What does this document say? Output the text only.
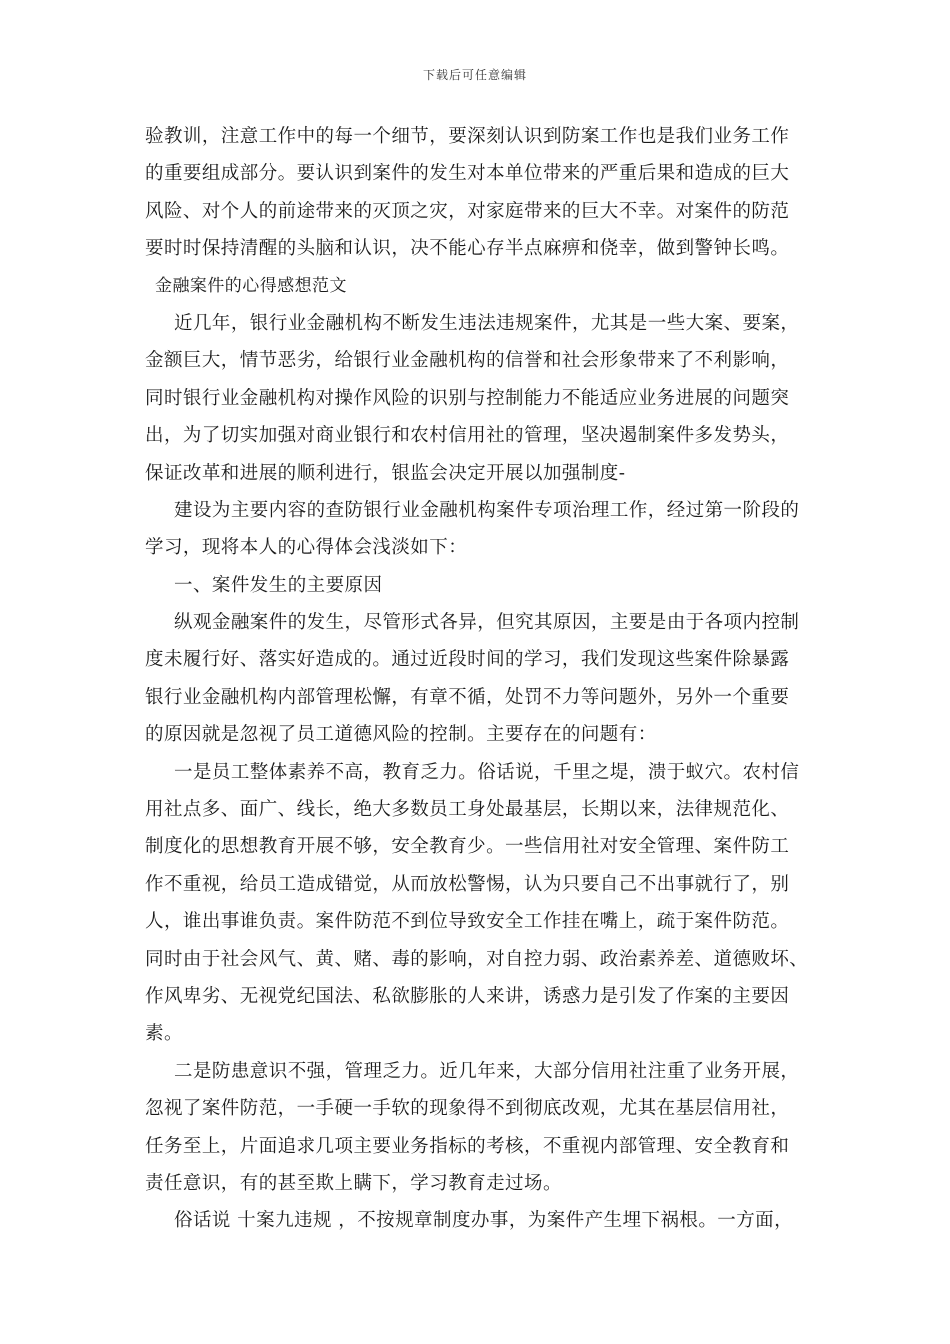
下载后可任意编辑
验教训，注意工作中的每一个细节，要深刻认识到防案工作也是我们业务工作
的重要组成部分。要认识到案件的发生对本单位带来的严重后果和造成的巨大
风险、对个人的前途带来的灭顶之灾，对家庭带来的巨大不幸。对案件的防范
要时时保持清醒的头脑和认识，决不能心存半点麻痹和侥幸，做到警钟长鸣。
金融案件的心得感想范文
近几年，银行业金融机构不断发生违法违规案件，尤其是一些大案、要案，
金额巨大，情节恶劣，给银行业金融机构的信誉和社会形象带来了不利影响，
同时银行业金融机构对操作风险的识别与控制能力不能适应业务进展的问题突
出，为了切实加强对商业银行和农村信用社的管理，坚决遏制案件多发势头，
保证改革和进展的顺利进行，银监会决定开展以加强制度-
建设为主要内容的查防银行业金融机构案件专项治理工作，经过第一阶段的
学习，现将本人的心得体会浅淡如下：
一、案件发生的主要原因
纵观金融案件的发生，尽管形式各异，但究其原因，主要是由于各项内控制
度未履行好、落实好造成的。通过近段时间的学习，我们发现这些案件除暴露
银行业金融机构内部管理松懈，有章不循，处罚不力等问题外，另外一个重要
的原因就是忽视了员工道德风险的控制。主要存在的问题有：
一是员工整体素养不高，教育乏力。俗话说，千里之堤，溃于蚁穴。农村信
用社点多、面广、线长，绝大多数员工身处最基层，长期以来，法律规范化、
制度化的思想教育开展不够，安全教育少。一些信用社对安全管理、案件防工
作不重视，给员工造成错觉，从而放松警惕，认为只要自己不出事就行了，别
人，谁出事谁负责。案件防范不到位导致安全工作挂在嘴上，疏于案件防范。
同时由于社会风气、黄、赌、毒的影响，对自控力弱、政治素养差、道德败坏、
作风卑劣、无视党纪国法、私欲膨胀的人来讲，诱惑力是引发了作案的主要因
素。
二是防患意识不强，管理乏力。近几年来，大部分信用社注重了业务开展，
忽视了案件防范，一手硬一手软的现象得不到彻底改观，尤其在基层信用社，
任务至上，片面追求几项主要业务指标的考核，不重视内部管理、安全教育和
责任意识，有的甚至欺上瞒下，学习教育走过场。
俗话说 十案九违规 ，不按规章制度办事，为案件产生埋下祸根。一方面，
